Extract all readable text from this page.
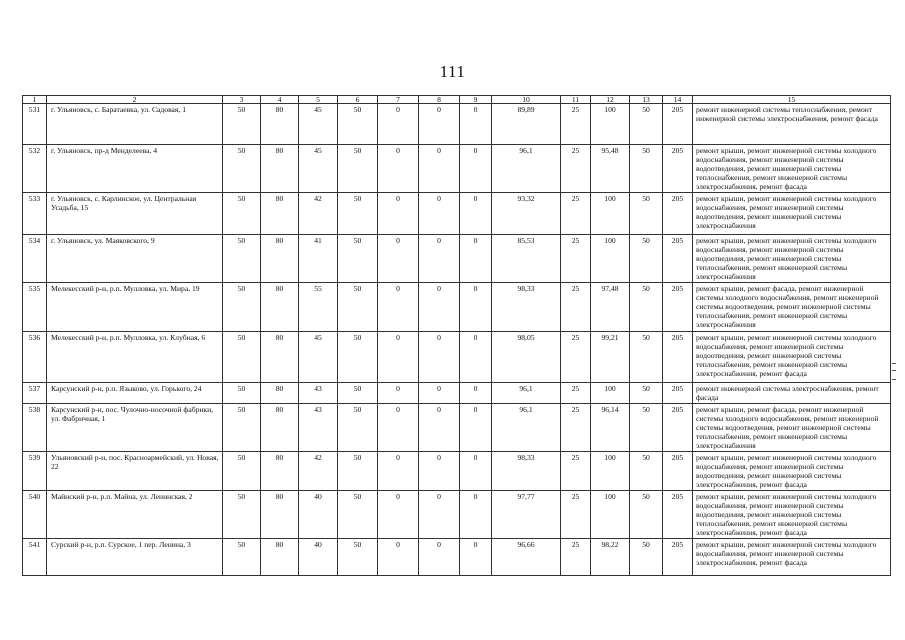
111
1	2	3	4	5	6	7	8	9	10	11	12	13	14	15
531	г. Ульяновск, с. Баратаевка, ул. Садовая, 1	50	80	45	50	0	0	0	89,89	25	100	50	205	ремонт инженерной системы теплоснабжения, ремонт инженерной системы электроснабжения, ремонт фасада
532	г. Ульяновск, пр-д Менделеева, 4	50	80	45	50	0	0	0	96,1	25	95,48	50	205	ремонт крыши, ремонт инженерной системы холодного водоснабжения, ремонт инженерной системы водоотведения, ремонт инженерной системы теплоснабжения, ремонт инженерной системы электроснабжения, ремонт фасада
533	г. Ульяновск, с. Карлинское, ул. Центральная Усадьба, 15	50	80	42	50	0	0	0	93,32	25	100	50	205	ремонт крыши, ремонт инженерной системы холодного водоснабжения, ремонт инженерной системы водоотведения, ремонт инженерной системы электроснабжения
534	г. Ульяновск, ул. Маяковского, 9	50	80	41	50	0	0	0	85,53	25	100	50	205	ремонт крыши, ремонт инженерной системы холодного водоснабжения, ремонт инженерной системы водоотведения, ремонт инженерной системы теплоснабжения, ремонт инженерной системы электроснабжения
535	Мелекесский р-н, р.п. Мулловка, ул. Мира, 19	50	80	55	50	0	0	0	98,33	25	97,48	50	205	ремонт крыши, ремонт фасада, ремонт инженерной системы холодного водоснабжения, ремонт инженерной системы водоотведения, ремонт инженерной системы теплоснабжения, ремонт инженерной системы электроснабжения
536	Мелекесский р-н, р.п. Мулловка, ул. Клубная, 6	50	80	45	50	0	0	0	98,05	25	99,21	50	205	ремонт крыши, ремонт инженерной системы холодного водоснабжения, ремонт инженерной системы водоотведения, ремонт инженерной системы теплоснабжения, ремонт инженерной системы электроснабжения, ремонт фасада
537	Карсунский р-н, р.п. Языково, ул. Горького, 24	50	80	43	50	0	0	0	96,1	25	100	50	205	ремонт инженерной системы электроснабжения, ремонт фасада
538	Карсунский р-н, пос. Чулочно-носочной фабрики, ул. Фабричная, 1	50	80	43	50	0	0	0	96,1	25	96,14	50	205	ремонт крыши, ремонт фасада, ремонт инженерной системы холодного водоснабжения, ремонт инженерной системы водоотведения, ремонт инженерной системы теплоснабжения, ремонт инженерной системы электроснабжения
539	Ульяновский р-н, пос. Красноармейский, ул. Новая, 22	50	80	42	50	0	0	0	98,33	25	100	50	205	ремонт крыши, ремонт инженерной системы холодного водоснабжения, ремонт инженерной системы водоотведения, ремонт инженерной системы электроснабжения, ремонт фасада
540	Майнский р-н, р.п. Майна, ул. Ленинская, 2	50	80	40	50	0	0	0	97,77	25	100	50	205	ремонт крыши, ремонт инженерной системы холодного водоснабжения, ремонт инженерной системы водоотведения, ремонт инженерной системы теплоснабжения, ремонт инженерной системы электроснабжения, ремонт фасада
541	Сурский р-н, р.п. Сурское, 1 пер. Ленина, 3	50	80	40	50	0	0	0	96,66	25	98,22	50	205	ремонт крыши, ремонт инженерной системы холодного водоснабжения, ремонт инженерной системы электроснабжения, ремонт фасада
